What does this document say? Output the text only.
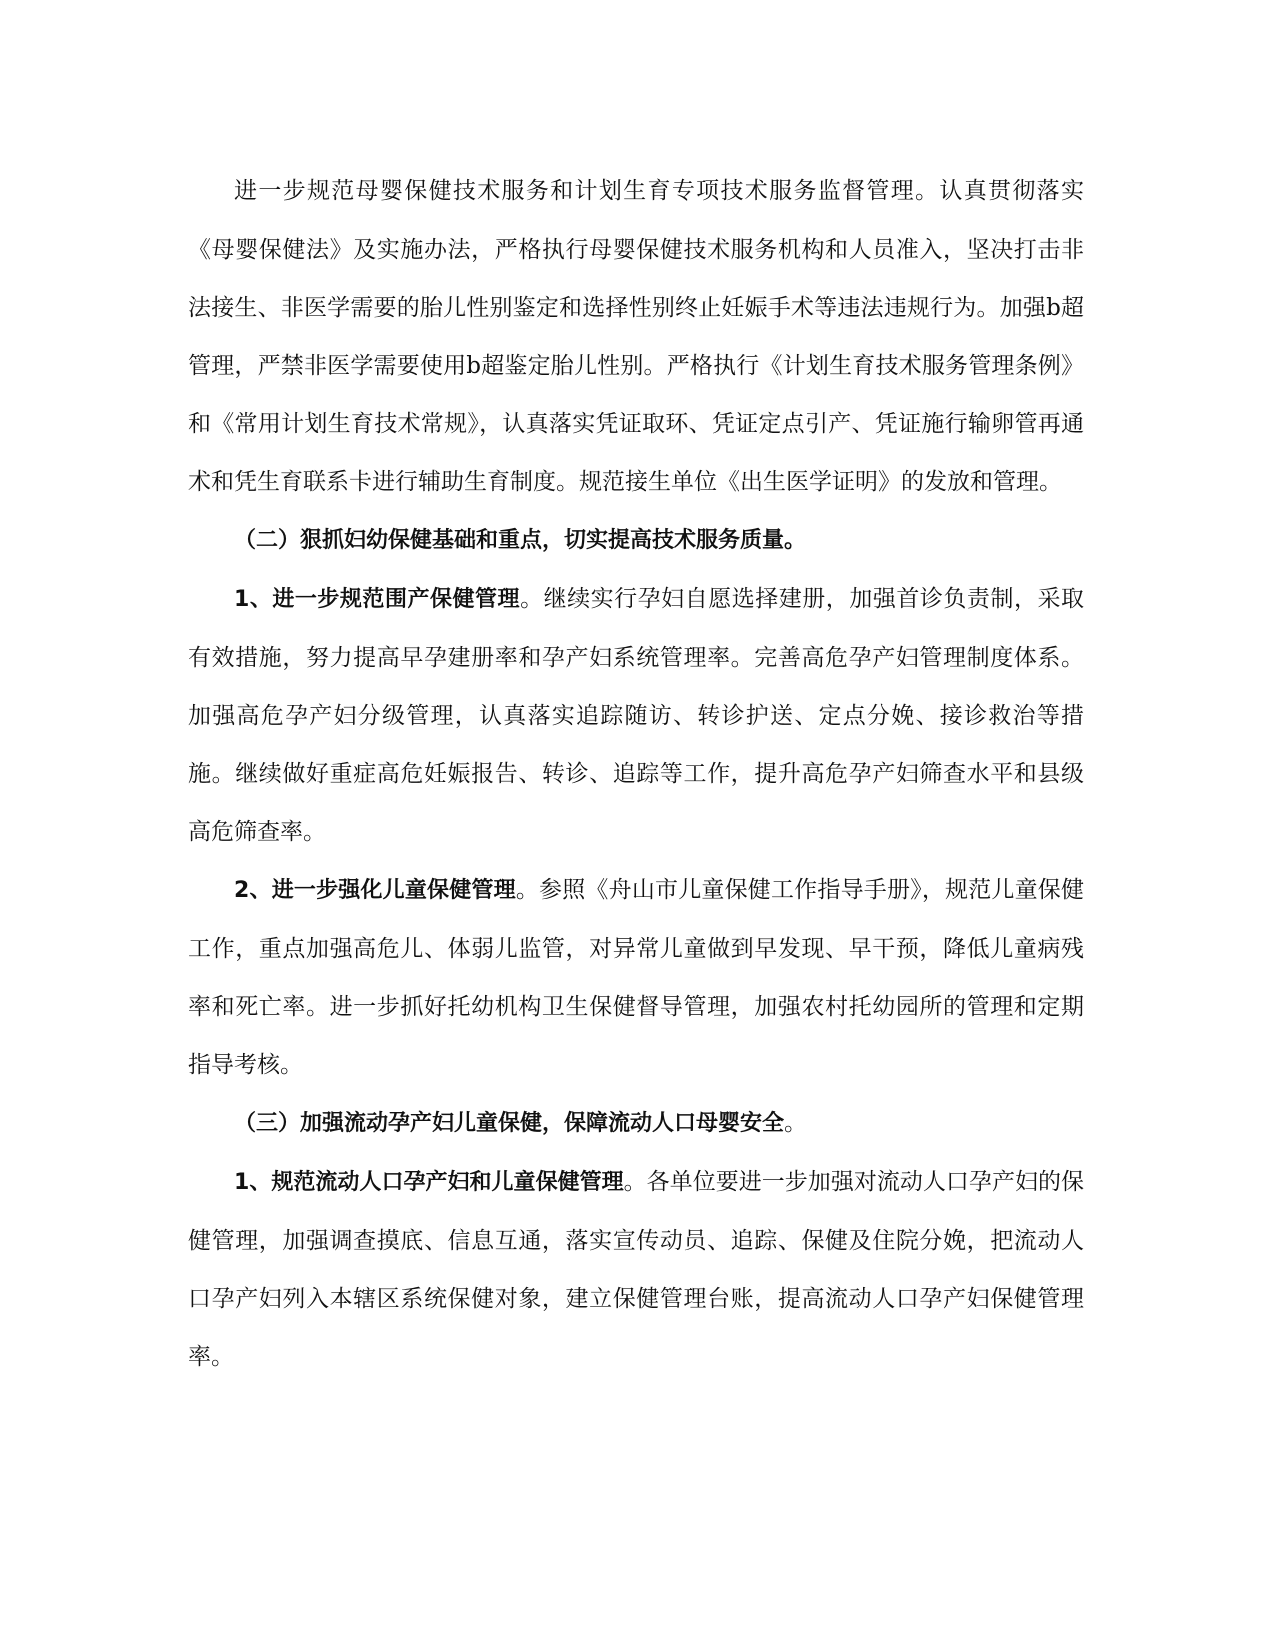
进一步规范母婴保健技术服务和计划生育专项技术服务监督管理。认真贯彻落实《母婴保健法》及实施办法，严格执行母婴保健技术服务机构和人员准入，坚决打击非法接生、非医学需要的胎儿性别鉴定和选择性别终止妊娠手术等违法违规行为。加强b超管理，严禁非医学需要使用b超鉴定胎儿性别。严格执行《计划生育技术服务管理条例》和《常用计划生育技术常规》，认真落实凭证取环、凭证定点引产、凭证施行输卵管再通术和凭生育联系卡进行辅助生育制度。规范接生单位《出生医学证明》的发放和管理。

（二）狠抓妇幼保健基础和重点，切实提高技术服务质量。

1、进一步规范围产保健管理。继续实行孕妇自愿选择建册，加强首诊负责制，采取有效措施，努力提高早孕建册率和孕产妇系统管理率。完善高危孕产妇管理制度体系。加强高危孕产妇分级管理，认真落实追踪随访、转诊护送、定点分娩、接诊救治等措施。继续做好重症高危妊娠报告、转诊、追踪等工作，提升高危孕产妇筛查水平和县级高危筛查率。

2、进一步强化儿童保健管理。参照《舟山市儿童保健工作指导手册》，规范儿童保健工作，重点加强高危儿、体弱儿监管，对异常儿童做到早发现、早干预，降低儿童病残率和死亡率。进一步抓好托幼机构卫生保健督导管理，加强农村托幼园所的管理和定期指导考核。

（三）加强流动孕产妇儿童保健，保障流动人口母婴安全。

1、规范流动人口孕产妇和儿童保健管理。各单位要进一步加强对流动人口孕产妇的保健管理，加强调查摸底、信息互通，落实宣传动员、追踪、保健及住院分娩，把流动人口孕产妇列入本辖区系统保健对象，建立保健管理台账，提高流动人口孕产妇保健管理率。
